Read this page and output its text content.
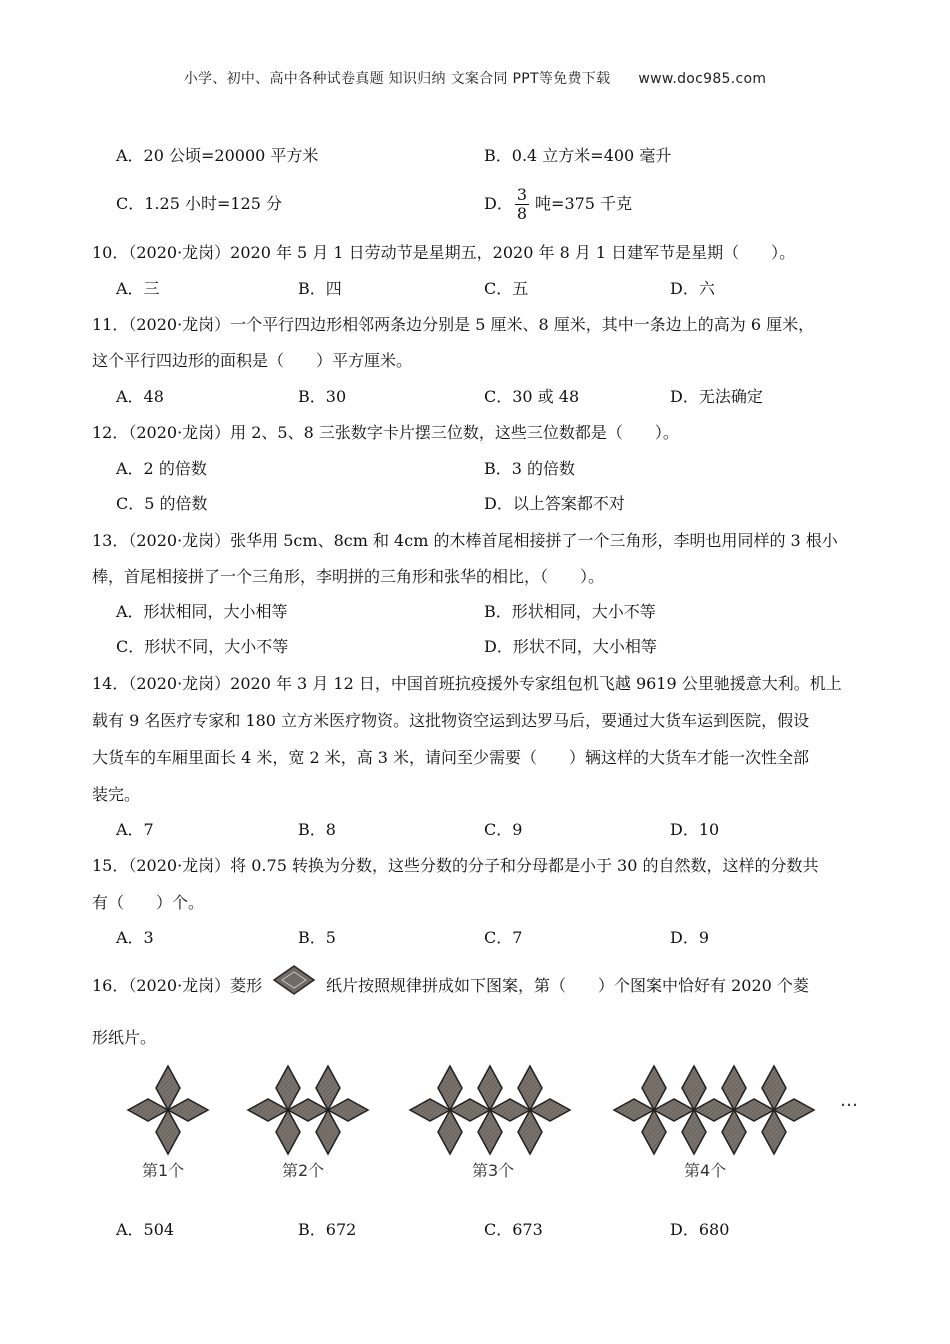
小学、初中、高中各种试卷真题 知识归纳 文案合同 PPT等免费下载 www.doc985.com
A．20 公顷=20000 平方米	B．0.4 立方米=400 毫升
C．1.25 小时=125 分	D． $\frac{3}{8}$ 吨=375 千克
10．（2020·龙岗）2020 年 5 月 1 日劳动节是星期五，2020 年 8 月 1 日建军节是星期（　　）。
A．三	B．四	C．五	D．六
11．（2020·龙岗）一个平行四边形相邻两条边分别是 5 厘米、8 厘米，其中一条边上的高为 6 厘米，
这个平行四边形的面积是（　　）平方厘米。
A．48	B．30	C．30 或 48	D．无法确定
12．（2020·龙岗）用 2、5、8 三张数字卡片摆三位数，这些三位数都是（　　）。
A．2 的倍数	B．3 的倍数
C．5 的倍数	D．以上答案都不对
13．（2020·龙岗）张华用 5cm、8cm 和 4cm 的木棒首尾相接拼了一个三角形，李明也用同样的 3 根小
棒，首尾相接拼了一个三角形，李明拼的三角形和张华的相比，（　　）。
A．形状相同，大小相等	B．形状相同，大小不等
C．形状不同，大小不等	D．形状不同，大小相等
14．（2020·龙岗）2020 年 3 月 12 日，中国首班抗疫援外专家组包机飞越 9619 公里驰援意大利。机上
载有 9 名医疗专家和 180 立方米医疗物资。这批物资空运到达罗马后，要通过大货车运到医院，假设
大货车的车厢里面长 4 米，宽 2 米，高 3 米，请问至少需要（　　）辆这样的大货车才能一次性全部
装完。
A．7	B．8	C．9	D．10
15．（2020·龙岗）将 0.75 转换为分数，这些分数的分子和分母都是小于 30 的自然数，这样的分数共
有（　　）个。
A．3	B．5	C．7	D．9
16．（2020·龙岗）菱形	纸片按照规律拼成如下图案，第（　　）个图案中恰好有 2020 个菱
形纸片。
…
第1个	第2个	第3个	第4个
A．504	B．672	C．673	D．680
